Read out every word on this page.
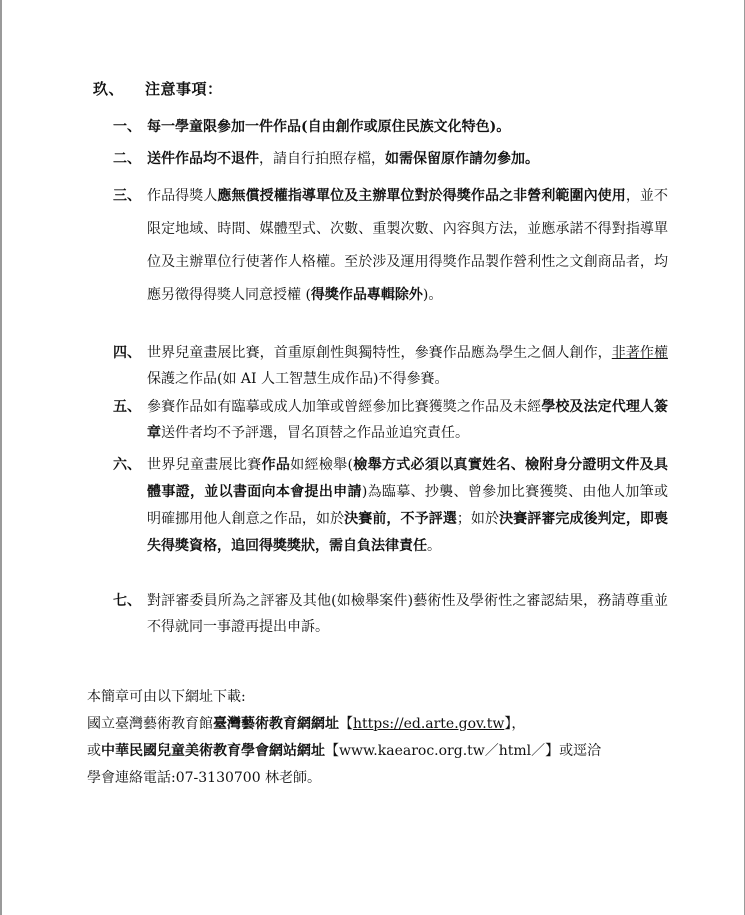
玖、 注意事項：
一、 每一學童限參加一件作品(自由創作或原住民族文化特色)。
二、 送件作品均不退件，請自行拍照存檔，如需保留原作請勿參加。
三、 作品得獎人應無償授權指導單位及主辦單位對於得獎作品之非營利範圍內使用，並不限定地域、時間、媒體型式、次數、重製次數、內容與方法，並應承諾不得對指導單位及主辦單位行使著作人格權。至於涉及運用得獎作品製作營利性之文創商品者，均應另徵得得獎人同意授權 (得獎作品專輯除外)。
四、 世界兒童畫展比賽，首重原創性與獨特性，參賽作品應為學生之個人創作，非著作權保護之作品(如 AI 人工智慧生成作品)不得參賽。
五、 參賽作品如有臨摹或成人加筆或曾經參加比賽獲獎之作品及未經學校及法定代理人簽章送件者均不予評選，冒名頂替之作品並追究責任。
六、 世界兒童畫展比賽作品如經檢舉(檢舉方式必須以真實姓名、檢附身分證明文件及具體事證，並以書面向本會提出申請)為臨摹、抄襲、曾參加比賽獲獎、由他人加筆或明確挪用他人創意之作品，如於決賽前，不予評選；如於決賽評審完成後判定，即喪失得獎資格，追回得獎獎狀，需自負法律責任。
七、 對評審委員所為之評審及其他(如檢舉案件)藝術性及學術性之審認結果，務請尊重並不得就同一事證再提出申訴。
本簡章可由以下網址下載:
國立臺灣藝術教育館臺灣藝術教育網網址【https://ed.arte.gov.tw】，
或中華民國兒童美術教育學會網站網址【www.kaearoc.org.tw／html／】或逕洽
學會連絡電話:07-3130700 林老師。
